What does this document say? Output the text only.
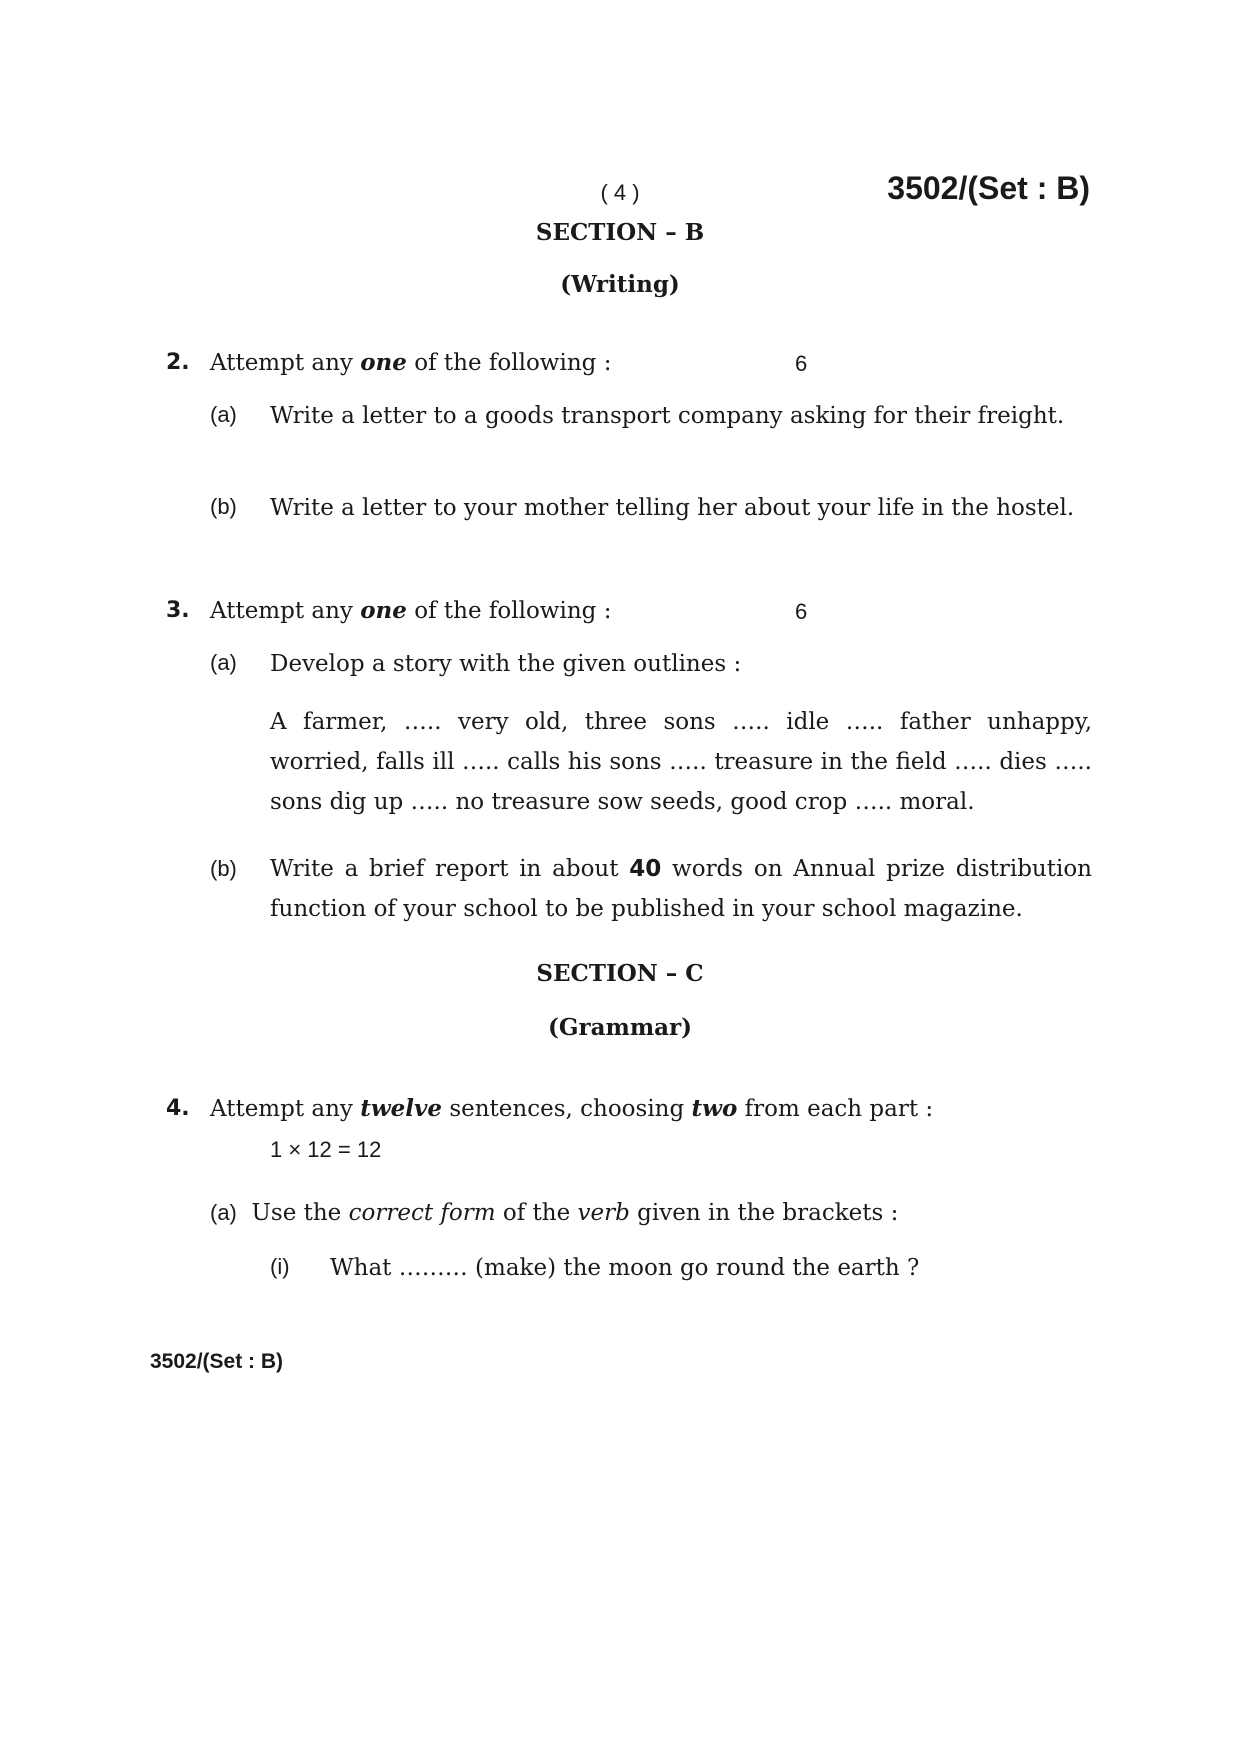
( 4 )	3502/(Set : B)
SECTION – B
(Writing)
2. Attempt any one of the following :	6
(a) Write a letter to a goods transport company asking for their freight.
(b) Write a letter to your mother telling her about your life in the hostel.
3. Attempt any one of the following :	6
(a) Develop a story with the given outlines :
A farmer, ….. very old, three sons ….. idle ….. father unhappy, worried, falls ill ….. calls his sons ….. treasure in the field ….. dies ….. sons dig up ….. no treasure sow seeds, good crop ….. moral.
(b) Write a brief report in about 40 words on Annual prize distribution function of your school to be published in your school magazine.
SECTION – C
(Grammar)
4. Attempt any twelve sentences, choosing two from each part :
1 × 12 = 12
(a) Use the correct form of the verb given in the brackets :
(i) What ……… (make) the moon go round the earth ?
3502/(Set : B)
